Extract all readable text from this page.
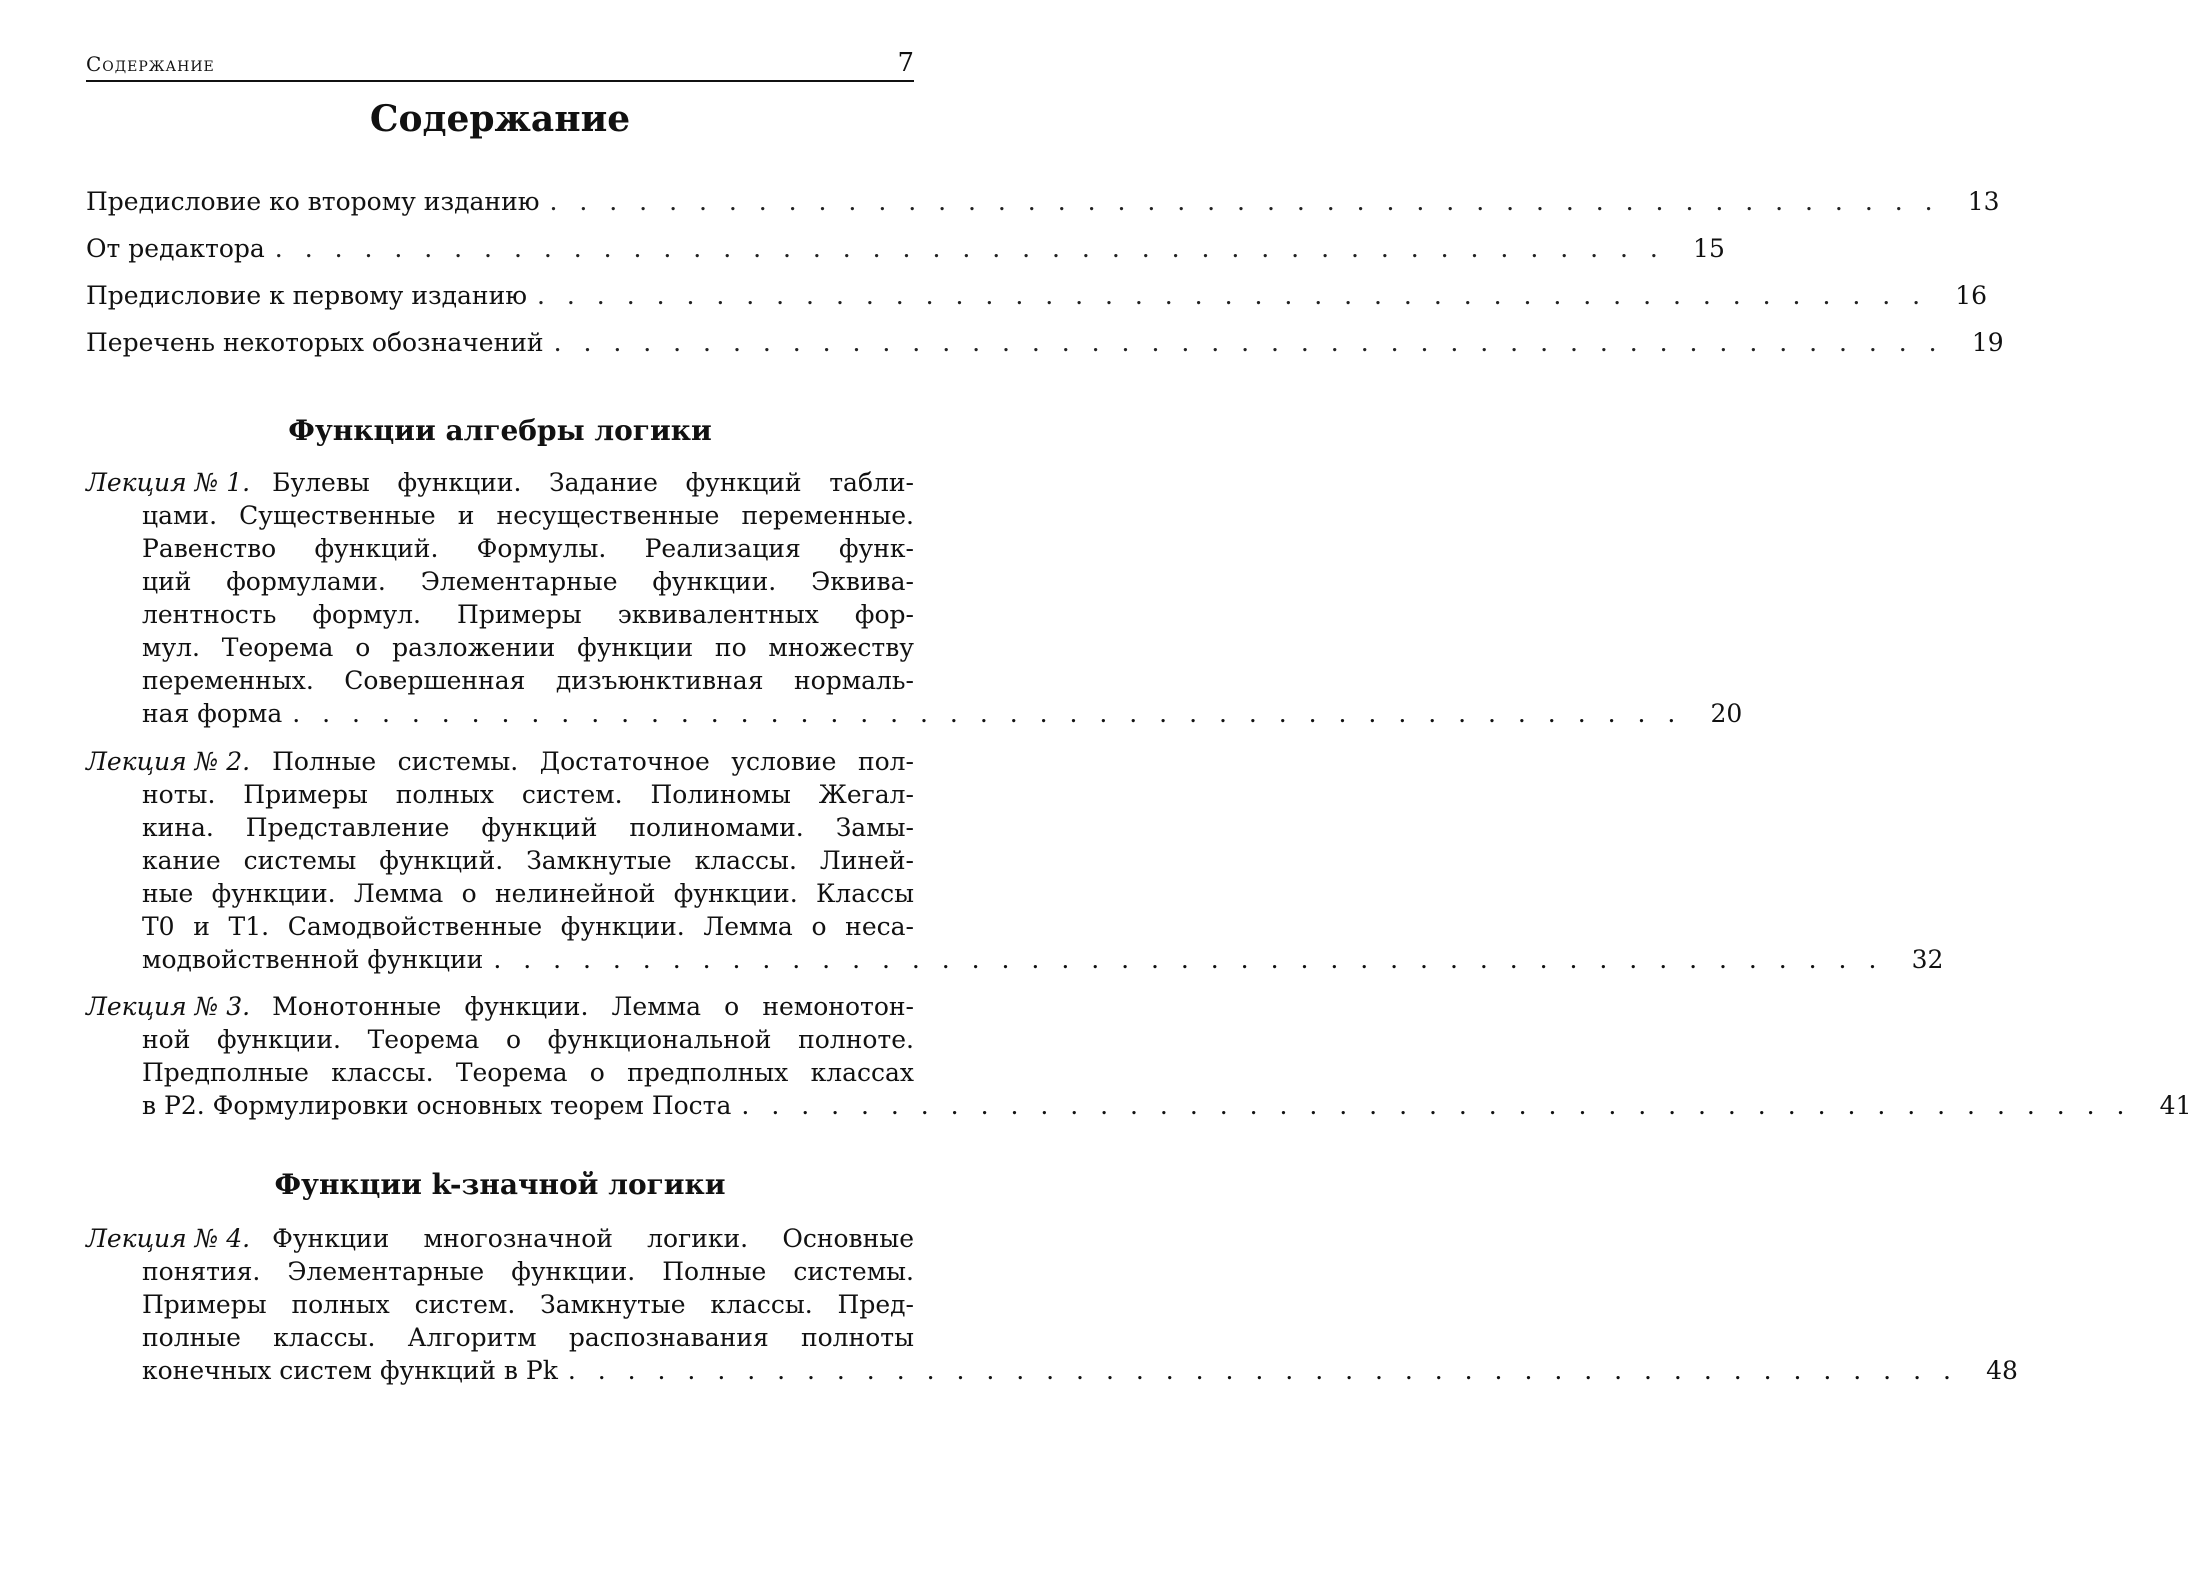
Содержание	7
Содержание
Предисловие ко второму изданию . . . . . . . . . . . . . . . . . . . . . . . . . . . . . . . . . . . . . . . . . . . . . . .	13
От редактора . . . . . . . . . . . . . . . . . . . . . . . . . . . . . . . . . . . . . . . . . . . . . . .	15
Предисловие к первому изданию . . . . . . . . . . . . . . . . . . . . . . . . . . . . . . . . . . . . . . . . . . . . . . .	16
Перечень некоторых обозначений . . . . . . . . . . . . . . . . . . . . . . . . . . . . . . . . . . . . . . . . . . . . . . .	19
Функции алгебры логики
Лекция № 1. Булевы функции. Задание функций табли-
цами. Существенные и несущественные переменные.
Равенство функций. Формулы. Реализация функ-
ций формулами. Элементарные функции. Эквива-
лентность формул. Примеры эквивалентных фор-
мул. Теорема о разложении функции по множеству
переменных. Совершенная дизъюнктивная нормаль-
ная форма . . . . . . . . . . . . . . . . . . . . . . . . . . . . . . . . . . . . . . . . . . . . . . .	20
Лекция № 2. Полные системы. Достаточное условие пол-
ноты. Примеры полных систем. Полиномы Жегал-
кина. Представление функций полиномами. Замы-
кание системы функций. Замкнутые классы. Линей-
ные функции. Лемма о нелинейной функции. Классы
T0 и T1. Самодвойственные функции. Лемма о неса-
модвойственной функции . . . . . . . . . . . . . . . . . . . . . . . . . . . . . . . . . . . . . . . . . . . . . . .	32
Лекция № 3. Монотонные функции. Лемма о немонотон-
ной функции. Теорема о функциональной полноте.
Предполные классы. Теорема о предполных классах
в P2. Формулировки основных теорем Поста . . . . . . . . . . . . . . . . . . . . . . . . . . . . . . . . . . . . . . . . . . . . . . .	41
Функции k-значной логики
Лекция № 4. Функции многозначной логики. Основные
понятия. Элементарные функции. Полные системы.
Примеры полных систем. Замкнутые классы. Пред-
полные классы. Алгоритм распознавания полноты
конечных систем функций в Pk . . . . . . . . . . . . . . . . . . . . . . . . . . . . . . . . . . . . . . . . . . . . . . .	48
